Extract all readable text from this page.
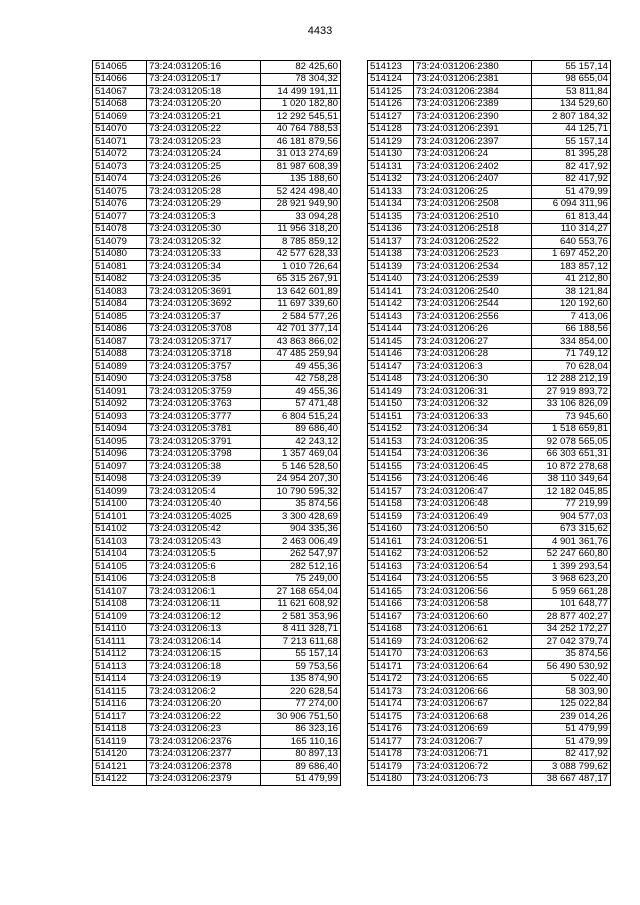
4433
514065	73:24:031205:16	82 425,60
514066	73:24:031205:17	78 304,32
514067	73:24:031205:18	14 499 191,11
514068	73:24:031205:20	1 020 182,80
514069	73:24:031205:21	12 292 545,51
514070	73:24:031205:22	40 764 788,53
514071	73:24:031205:23	46 181 879,56
514072	73:24:031205:24	31 013 274,69
514073	73:24:031205:25	81 987 608,39
514074	73:24:031205:26	135 188,60
514075	73:24:031205:28	52 424 498,40
514076	73:24:031205:29	28 921 949,90
514077	73:24:031205:3	33 094,28
514078	73:24:031205:30	11 956 318,20
514079	73:24:031205:32	8 785 859,12
514080	73:24:031205:33	42 577 628,33
514081	73:24:031205:34	1 010 726,64
514082	73:24:031205:35	65 315 267,91
514083	73:24:031205:3691	13 642 601,89
514084	73:24:031205:3692	11 697 339,60
514085	73:24:031205:37	2 584 577,26
514086	73:24:031205:3708	42 701 377,14
514087	73:24:031205:3717	43 863 866,02
514088	73:24:031205:3718	47 485 259,94
514089	73:24:031205:3757	49 455,36
514090	73:24:031205:3758	42 758,28
514091	73:24:031205:3759	49 455,36
514092	73:24:031205:3763	57 471,48
514093	73:24:031205:3777	6 804 515,24
514094	73:24:031205:3781	89 686,40
514095	73:24:031205:3791	42 243,12
514096	73:24:031205:3798	1 357 469,04
514097	73:24:031205:38	5 146 528,50
514098	73:24:031205:39	24 954 207,30
514099	73:24:031205:4	10 790 595,32
514100	73:24:031205:40	35 874,56
514101	73:24:031205:4025	3 300 428,69
514102	73:24:031205:42	904 335,36
514103	73:24:031205:43	2 463 006,49
514104	73:24:031205:5	262 547,97
514105	73:24:031205:6	282 512,16
514106	73:24:031205:8	75 249,00
514107	73:24:031206:1	27 168 654,04
514108	73:24:031206:11	11 621 608,92
514109	73:24:031206:12	2 581 353,96
514110	73:24:031206:13	8 411 328,71
514111	73:24:031206:14	7 213 611,68
514112	73:24:031206:15	55 157,14
514113	73:24:031206:18	59 753,56
514114	73:24:031206:19	135 874,90
514115	73:24:031206:2	220 628,54
514116	73:24:031206:20	77 274,00
514117	73:24:031206:22	30 906 751,50
514118	73:24:031206:23	86 323,16
514119	73:24:031206:2376	165 110,16
514120	73:24:031206:2377	80 897,13
514121	73:24:031206:2378	89 686,40
514122	73:24:031206:2379	51 479,99
514123	73:24:031206:2380	55 157,14
514124	73:24:031206:2381	98 655,04
514125	73:24:031206:2384	53 811,84
514126	73:24:031206:2389	134 529,60
514127	73:24:031206:2390	2 807 184,32
514128	73:24:031206:2391	44 125,71
514129	73:24:031206:2397	55 157,14
514130	73:24:031206:24	81 395,28
514131	73:24:031206:2402	82 417,92
514132	73:24:031206:2407	82 417,92
514133	73:24:031206:25	51 479,99
514134	73:24:031206:2508	6 094 311,96
514135	73:24:031206:2510	61 813,44
514136	73:24:031206:2518	110 314,27
514137	73:24:031206:2522	640 553,76
514138	73:24:031206:2523	1 697 452,20
514139	73:24:031206:2534	183 857,12
514140	73:24:031206:2539	41 212,80
514141	73:24:031206:2540	38 121,84
514142	73:24:031206:2544	120 192,60
514143	73:24:031206:2556	7 413,06
514144	73:24:031206:26	66 188,56
514145	73:24:031206:27	334 854,00
514146	73:24:031206:28	71 749,12
514147	73:24:031206:3	70 628,04
514148	73:24:031206:30	12 288 212,19
514149	73:24:031206:31	27 919 893,72
514150	73:24:031206:32	33 106 826,09
514151	73:24:031206:33	73 945,60
514152	73:24:031206:34	1 518 659,81
514153	73:24:031206:35	92 078 565,05
514154	73:24:031206:36	66 303 651,31
514155	73:24:031206:45	10 872 278,68
514156	73:24:031206:46	38 110 349,64
514157	73:24:031206:47	12 182 045,85
514158	73:24:031206:48	77 219,99
514159	73:24:031206:49	904 577,03
514160	73:24:031206:50	673 315,62
514161	73:24:031206:51	4 901 361,76
514162	73:24:031206:52	52 247 660,80
514163	73:24:031206:54	1 399 293,54
514164	73:24:031206:55	3 968 623,20
514165	73:24:031206:56	5 959 661,28
514166	73:24:031206:58	101 648,77
514167	73:24:031206:60	28 877 402,27
514168	73:24:031206:61	34 252 172,27
514169	73:24:031206:62	27 042 379,74
514170	73:24:031206:63	35 874,56
514171	73:24:031206:64	56 490 530,92
514172	73:24:031206:65	5 022,40
514173	73:24:031206:66	58 303,90
514174	73:24:031206:67	125 022,84
514175	73:24:031206:68	239 014,26
514176	73:24:031206:69	51 479,99
514177	73:24:031206:7	51 479,99
514178	73:24:031206:71	82 417,92
514179	73:24:031206:72	3 088 799,62
514180	73:24:031206:73	38 667 487,17
